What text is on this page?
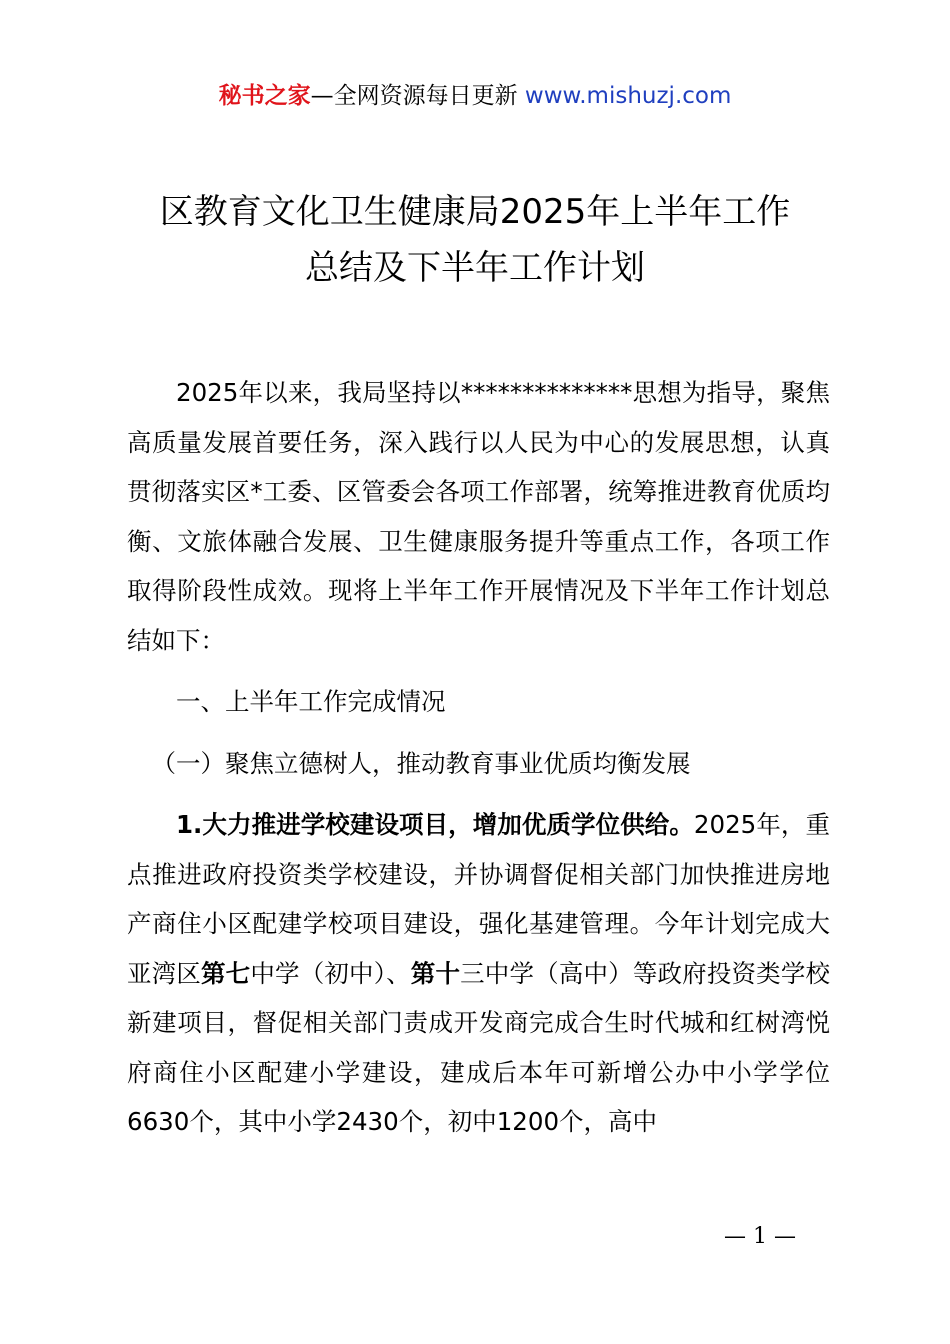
秘书之家—全网资源每日更新 www.mishuzj.com
区教育文化卫生健康局2025年上半年工作
总结及下半年工作计划

2025年以来，我局坚持以**************思想为指导，聚焦高质量发展首要任务，深入践行以人民为中心的发展思想，认真贯彻落实区*工委、区管委会各项工作部署，统筹推进教育优质均衡、文旅体融合发展、卫生健康服务提升等重点工作，各项工作取得阶段性成效。现将上半年工作开展情况及下半年工作计划总结如下：

一、上半年工作完成情况

（一）聚焦立德树人，推动教育事业优质均衡发展

1.大力推进学校建设项目，增加优质学位供给。2025年，重点推进政府投资类学校建设，并协调督促相关部门加快推进房地产商住小区配建学校项目建设，强化基建管理。今年计划完成大亚湾区第七中学（初中）、第十三中学（高中）等政府投资类学校新建项目，督促相关部门责成开发商完成合生时代城和红树湾悦府商住小区配建小学建设，建成后本年可新增公办中小学学位6630个，其中小学2430个，初中1200个，高中

— 1 —
